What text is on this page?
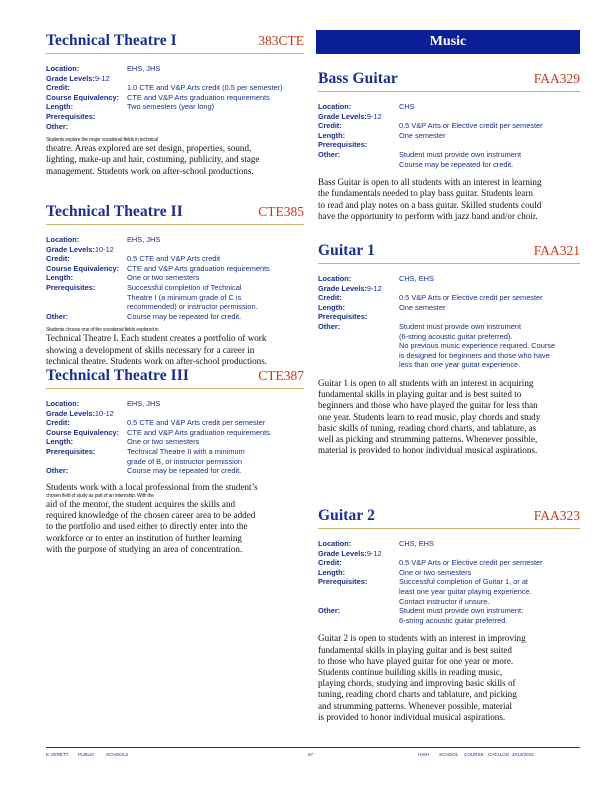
Technical Theatre I	383CTE
Location:	EHS, JHS
Grade Levels: 9-12
Credit:	1.0 CTE and V&P Arts credit (0.5 per semester)
Course Equivalency:	CTE and V&P Arts graduation requirements
Length:	Two semesters (year long)
Prerequisites:

Other:

Students explore the major vocational fields in technical
theatre. Areas explored are set design, properties, sound,
lighting, make-up and hair, costuming, publicity, and stage
management. Students work on after-school productions.
Technical Theatre II	CTE385
Location:	EHS, JHS
Grade Levels: 10-12
Credit:	0.5 CTE and V&P Arts credit
Course Equivalency:	CTE and V&P Arts graduation requirements
Length:	One or two semesters
Prerequisites:	Successful completion of Technical
Theatre I (a minimum grade of C is
recommended) or instructor permission.
Other:	Course may be repeated for credit.
Students choose one of the vocational fields explored in
Technical Theatre I. Each student creates a portfolio of work
showing a development of skills necessary for a career in
technical theatre. Students work on after-school productions.
Technical Theatre III	CTE387
Location:	EHS, JHS
Grade Levels: 10-12
Credit:	0.5 CTE and V&P Arts credit per semester
Course Equivalency:	CTE and V&P Arts graduation requirements
Length:	One or two semesters
Prerequisites:	Technical Theatre II with a minimum
grade of B, or instructor permission
Other:	Course may be repeated for credit.
Students work with a local professional from the student’s
chosen field of study as part of an internship. With the
aid of the mentor, the student acquires the skills and
required knowledge of the chosen career area to be added
to the portfolio and used either to directly enter into the
workforce or to enter an institution of further learning
with the purpose of studying an area of concentration.
Music
Bass Guitar	FAA329
Location:	CHS
Grade Levels: 9-12
Credit:	0.5 V&P Arts or Elective credit per semester
Length:	One semester
Prerequisites:

Other:	Student must provide own instrument
Course may be repeated for credit.
Bass Guitar is open to all students with an interest in learning
the fundamentals needed to play bass guitar. Students learn
to read and play notes on a bass guitar. Skilled students could
have the opportunity to perform with jazz band and/or choir.
Guitar 1	FAA321
Location:	CHS, EHS
Grade Levels: 9-12
Credit:	0.5 V&P Arts or Elective credit per semester
Length:	One semester
Prerequisites:

Other:	Student must provide own instrument
(6-string acoustic guitar preferred).
No previous music experience required. Course
is designed for beginners and those who have
less than one year guitar experience.
Guitar 1 is open to all students with an interest in acquiring
fundamental skills in playing guitar and is best suited to
beginners and those who have played the guitar for less than
one year. Students learn to read music, play chords and study
basic skills of tuning, reading chord charts, and tablature, as
well as picking and strumming patterns. Whenever possible,
material is provided to honor individual musical aspirations.
Guitar 2	FAA323
Location:	CHS, EHS
Grade Levels: 9-12
Credit:	0.5 V&P Arts or Elective credit per semester
Length:	One or two semesters
Prerequisites:	Successful completion of Guitar 1, or at
least one year guitar playing experience.
Contact instructor if unsure.
Other:	Student must provide own instrument;
6-string acoustic guitar preferred.
Guitar 2 is open to students with an interest in improving
fundamental skills in playing guitar and is best suited
to those who have played guitar for one year or more.
Students continue building skills in reading music,
playing chords, studying and improving basic skills of
tuning, reading chord charts and tablature, and picking
and strumming patterns. Whenever possible, material
is provided to honor individual musical aspirations.
E VERETT PUBLIC SCHOOLS	67	HIGH SCHOOL COURSE CATALOG 2014/2015
